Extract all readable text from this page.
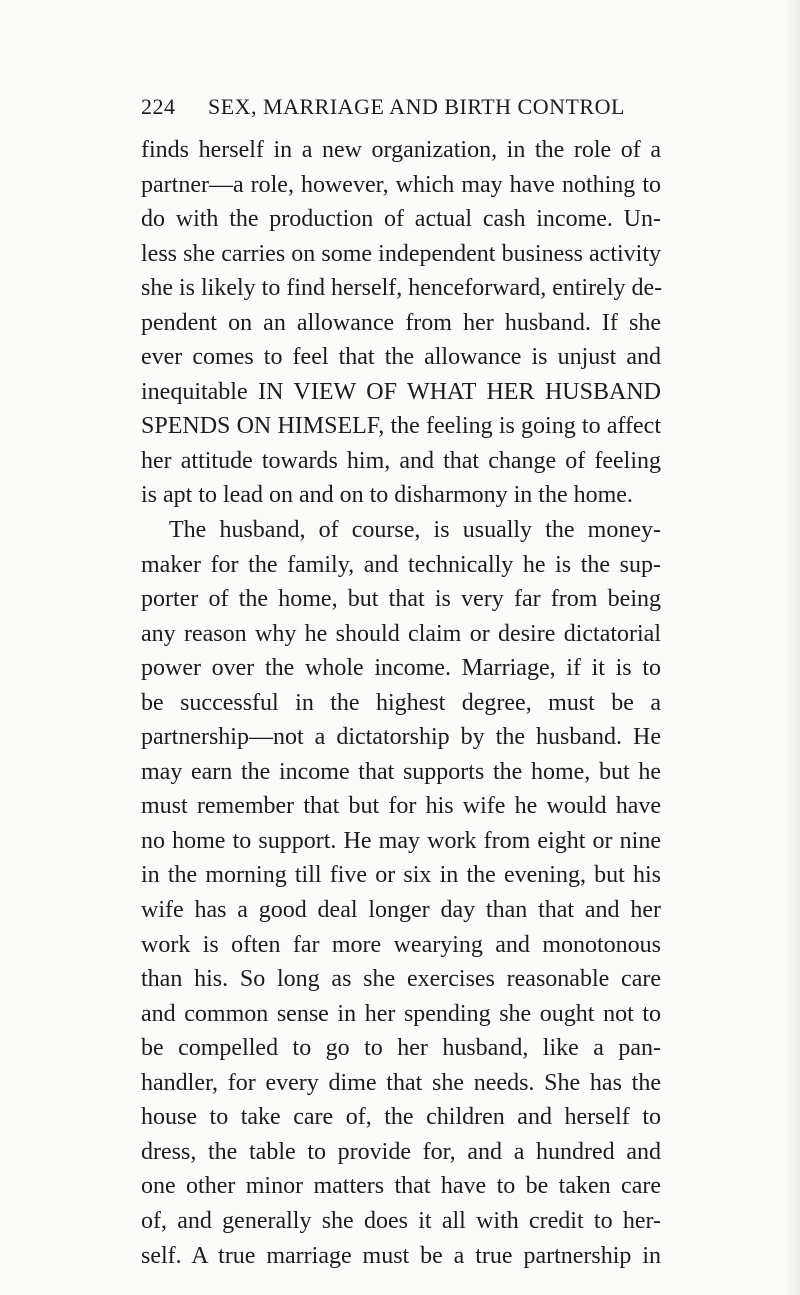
224 SEX, MARRIAGE AND BIRTH CONTROL
finds herself in a new organization, in the role of a
partner—a role, however, which may have nothing to
do with the production of actual cash income. Un-
less she carries on some independent business activity
she is likely to find herself, henceforward, entirely de-
pendent on an allowance from her husband. If she
ever comes to feel that the allowance is unjust and
inequitable IN VIEW OF WHAT HER HUSBAND
SPENDS ON HIMSELF, the feeling is going to affect
her attitude towards him, and that change of feeling
is apt to lead on and on to disharmony in the home.
The husband, of course, is usually the money-
maker for the family, and technically he is the sup-
porter of the home, but that is very far from being
any reason why he should claim or desire dictatorial
power over the whole income. Marriage, if it is to
be successful in the highest degree, must be a
partnership—not a dictatorship by the husband. He
may earn the income that supports the home, but he
must remember that but for his wife he would have
no home to support. He may work from eight or nine
in the morning till five or six in the evening, but his
wife has a good deal longer day than that and her
work is often far more wearying and monotonous
than his. So long as she exercises reasonable care
and common sense in her spending she ought not to
be compelled to go to her husband, like a pan-
handler, for every dime that she needs. She has the
house to take care of, the children and herself to
dress, the table to provide for, and a hundred and
one other minor matters that have to be taken care
of, and generally she does it all with credit to her-
self. A true marriage must be a true partnership in
